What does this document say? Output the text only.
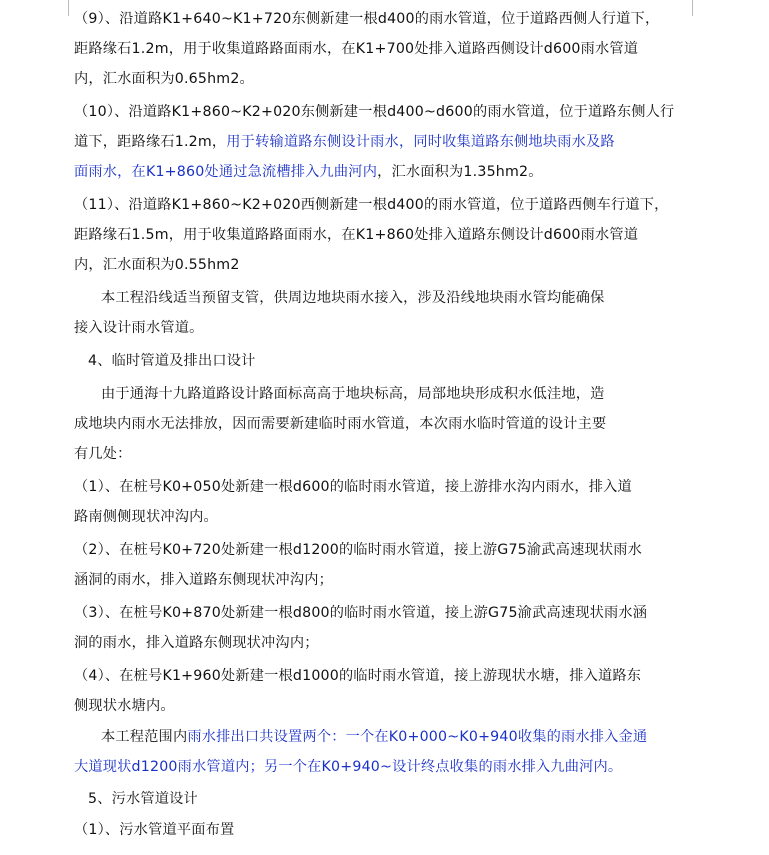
（9）、沿道路K1+640~K1+720东侧新建一根d400的雨水管道，位于道路西侧人行道下，
距路缘石1.2m，用于收集道路路面雨水，在K1+700处排入道路西侧设计d600雨水管道
内，汇水面积为0.65hm2。
（10）、沿道路K1+860~K2+020东侧新建一根d400~d600的雨水管道，位于道路东侧人行
道下，距路缘石1.2m，用于转输道路东侧设计雨水，同时收集道路东侧地块雨水及路
面雨水，在K1+860处通过急流槽排入九曲河内，汇水面积为1.35hm2。
（11）、沿道路K1+860~K2+020西侧新建一根d400的雨水管道，位于道路西侧车行道下，
距路缘石1.5m，用于收集道路路面雨水，在K1+860处排入道路东侧设计d600雨水管道
内，汇水面积为0.55hm2
本工程沿线适当预留支管，供周边地块雨水接入，涉及沿线地块雨水管均能确保
接入设计雨水管道。
4、临时管道及排出口设计
由于通海十九路道路设计路面标高高于地块标高，局部地块形成积水低洼地，造
成地块内雨水无法排放，因而需要新建临时雨水管道，本次雨水临时管道的设计主要
有几处：
（1）、在桩号K0+050处新建一根d600的临时雨水管道，接上游排水沟内雨水，排入道
路南侧侧现状冲沟内。
（2）、在桩号K0+720处新建一根d1200的临时雨水管道，接上游G75渝武高速现状雨水
涵洞的雨水，排入道路东侧现状冲沟内；
（3）、在桩号K0+870处新建一根d800的临时雨水管道，接上游G75渝武高速现状雨水涵
洞的雨水，排入道路东侧现状冲沟内；
（4）、在桩号K1+960处新建一根d1000的临时雨水管道，接上游现状水塘，排入道路东
侧现状水塘内。
本工程范围内雨水排出口共设置两个：一个在K0+000~K0+940收集的雨水排入金通
大道现状d1200雨水管道内；另一个在K0+940~设计终点收集的雨水排入九曲河内。
5、污水管道设计
（1）、污水管道平面布置
